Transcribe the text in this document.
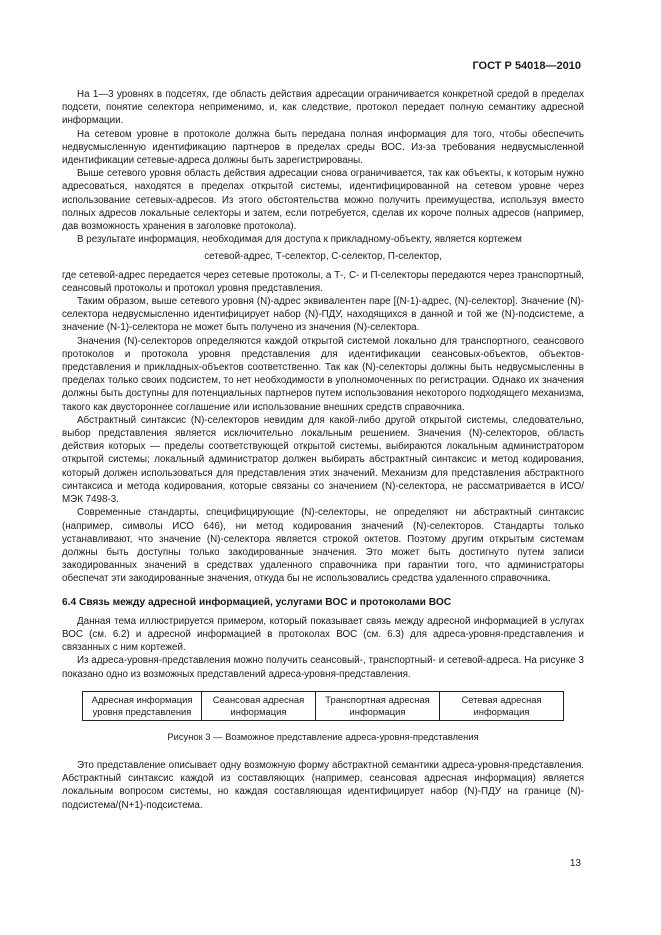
ГОСТ Р 54018—2010

На 1—3 уровнях в подсетях, где область действия адресации ограничивается конкретной средой в пределах подсети, понятие селектора неприменимо, и, как следствие, протокол передает полную семантику адресной информации.

На сетевом уровне в протоколе должна быть передана полная информация для того, чтобы обеспечить недвусмысленную идентификацию партнеров в пределах среды ВОС. Из-за требования недвусмысленной идентификации сетевые-адреса должны быть зарегистрированы.

Выше сетевого уровня область действия адресации снова ограничивается, так как объекты, к которым нужно адресоваться, находятся в пределах открытой системы, идентифицированной на сетевом уровне через использование сетевых-адресов. Из этого обстоятельства можно получить преимущества, используя вместо полных адресов локальные селекторы и затем, если потребуется, сделав их короче полных адресов (например, дав возможность хранения в заголовке протокола).

В результате информация, необходимая для доступа к прикладному-объекту, является кортежем

сетевой-адрес, Т-селектор, С-селектор, П-селектор,

где сетевой-адрес передается через сетевые протоколы, а Т-, С- и П-селекторы передаются через транспортный, сеансовый протоколы и протокол уровня представления.

Таким образом, выше сетевого уровня (N)-адрес эквивалентен паре [(N-1)-адрес, (N)-селектор]. Значение (N)-селектора недвусмысленно идентифицирует набор (N)-ПДУ, находящихся в данной и той же (N)-подсистеме, а значение (N-1)-селектора не может быть получено из значения (N)-селектора.

Значения (N)-селекторов определяются каждой открытой системой локально для транспортного, сеансового протоколов и протокола уровня представления для идентификации сеансовых-объектов, объектов-представления и прикладных-объектов соответственно. Так как (N)-селекторы должны быть недвусмысленны в пределах только своих подсистем, то нет необходимости в уполномоченных по регистрации. Однако их значения должны быть доступны для потенциальных партнеров путем использования некоторого подходящего механизма, такого как двустороннее соглашение или использование внешних средств справочника.

Абстрактный синтаксис (N)-селекторов невидим для какой-либо другой открытой системы, следовательно, выбор представления является исключительно локальным решением. Значения (N)-селекторов, область действия которых — пределы соответствующей открытой системы, выбираются локальным администратором открытой системы; локальный администратор должен выбирать абстрактный синтаксис и метод кодирования, который должен использоваться для представления этих значений. Механизм для представления абстрактного синтаксиса и метода кодирования, которые связаны со значением (N)-селектора, не рассматривается в ИСО/МЭК 7498-3.

Современные стандарты, специфицирующие (N)-селекторы, не определяют ни абстрактный синтаксис (например, символы ИСО 646), ни метод кодирования значений (N)-селекторов. Стандарты только устанавливают, что значение (N)-селектора является строкой октетов. Поэтому другим открытым системам должны быть доступны только закодированные значения. Это может быть достигнуто путем записи закодированных значений в средствах удаленного справочника при гарантии того, что администраторы обеспечат эти закодированные значения, откуда бы не использовались средства удаленного справочника.

6.4 Связь между адресной информацией, услугами ВОС и протоколами ВОС

Данная тема иллюстрируется примером, который показывает связь между адресной информацией в услугах ВОС (см. 6.2) и адресной информацией в протоколах ВОС (см. 6.3) для адреса-уровня-представления и связанных с ним кортежей.

Из адреса-уровня-представления можно получить сеансовый-, транспортный- и сетевой-адреса. На рисунке 3 показано одно из возможных представлений адреса-уровня-представления.

Адресная информация уровня представления	Сеансовая адресная информация	Транспортная адресная информация	Сетевая адресная информация

Рисунок 3 — Возможное представление адреса-уровня-представления

Это представление описывает одну возможную форму абстрактной семантики адреса-уровня-представления. Абстрактный синтаксис каждой из составляющих (например, сеансовая адресная информация) является локальным вопросом системы, но каждая составляющая идентифицирует набор (N)-ПДУ на границе (N)-подсистема/(N+1)-подсистема.

13
